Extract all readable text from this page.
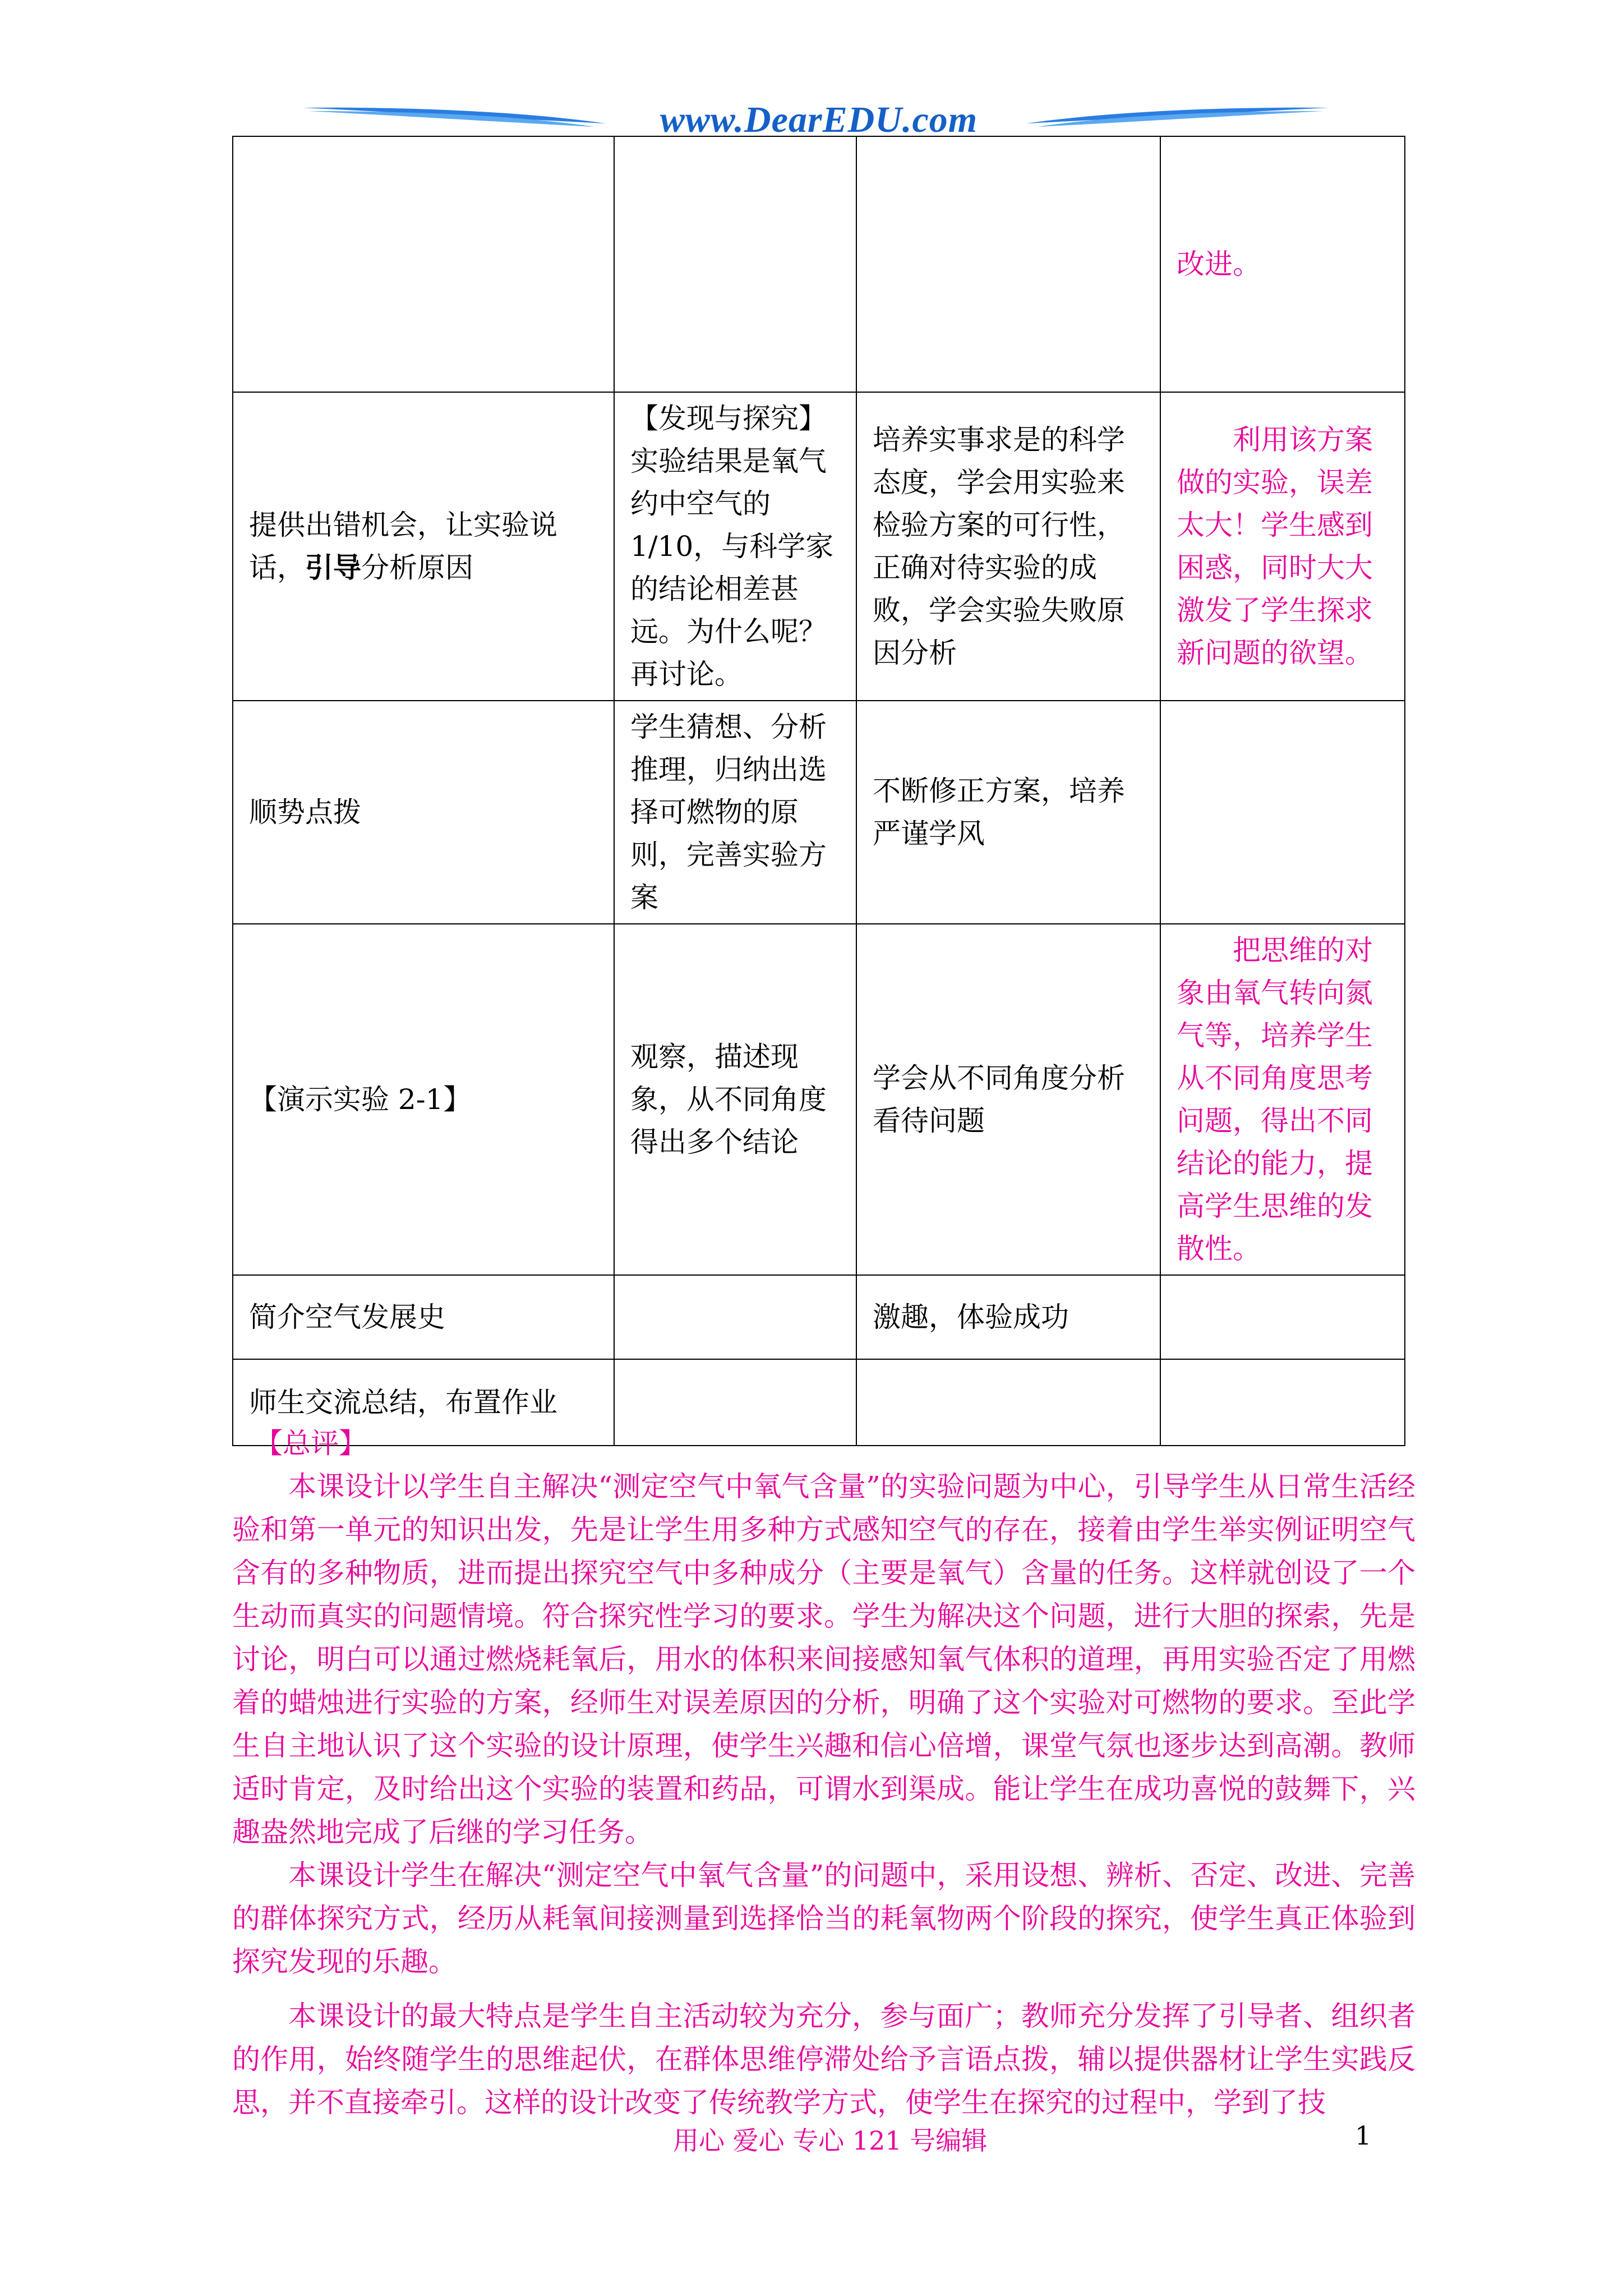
www.DearEDU.com
			改进。
提供出错机会，让实验说话，引导分析原因	【发现与探究】实验结果是氧气约中空气的1/10，与科学家的结论相差甚远。为什么呢？再讨论。	培养实事求是的科学态度，学会用实验来检验方案的可行性，正确对待实验的成败，学会实验失败原因分析	利用该方案做的实验，误差太大！学生感到困惑，同时大大激发了学生探求新问题的欲望。
顺势点拨	学生猜想、分析推理，归纳出选择可燃物的原则，完善实验方案	不断修正方案，培养严谨学风	
【演示实验 2-1】	观察，描述现象，从不同角度得出多个结论	学会从不同角度分析看待问题	把思维的对象由氧气转向氮气等，培养学生从不同角度思考问题，得出不同结论的能力，提高学生思维的发散性。
简介空气发展史		激趣，体验成功	
师生交流总结，布置作业			

【总评】

本课设计以学生自主解决“测定空气中氧气含量”的实验问题为中心，引导学生从日常生活经验和第一单元的知识出发，先是让学生用多种方式感知空气的存在，接着由学生举实例证明空气含有的多种物质，进而提出探究空气中多种成分（主要是氧气）含量的任务。这样就创设了一个生动而真实的问题情境。符合探究性学习的要求。学生为解决这个问题，进行大胆的探索，先是讨论，明白可以通过燃烧耗氧后，用水的体积来间接感知氧气体积的道理，再用实验否定了用燃着的蜡烛进行实验的方案，经师生对误差原因的分析，明确了这个实验对可燃物的要求。至此学生自主地认识了这个实验的设计原理，使学生兴趣和信心倍增，课堂气氛也逐步达到高潮。教师适时肯定，及时给出这个实验的装置和药品，可谓水到渠成。能让学生在成功喜悦的鼓舞下，兴趣盎然地完成了后继的学习任务。

本课设计学生在解决“测定空气中氧气含量”的问题中，采用设想、辨析、否定、改进、完善的群体探究方式，经历从耗氧间接测量到选择恰当的耗氧物两个阶段的探究，使学生真正体验到探究发现的乐趣。

本课设计的最大特点是学生自主活动较为充分，参与面广；教师充分发挥了引导者、组织者的作用，始终随学生的思维起伏，在群体思维停滞处给予言语点拨，辅以提供器材让学生实践反思，并不直接牵引。这样的设计改变了传统教学方式，使学生在探究的过程中，学到了技

用心 爱心 专心 121 号编辑	1
